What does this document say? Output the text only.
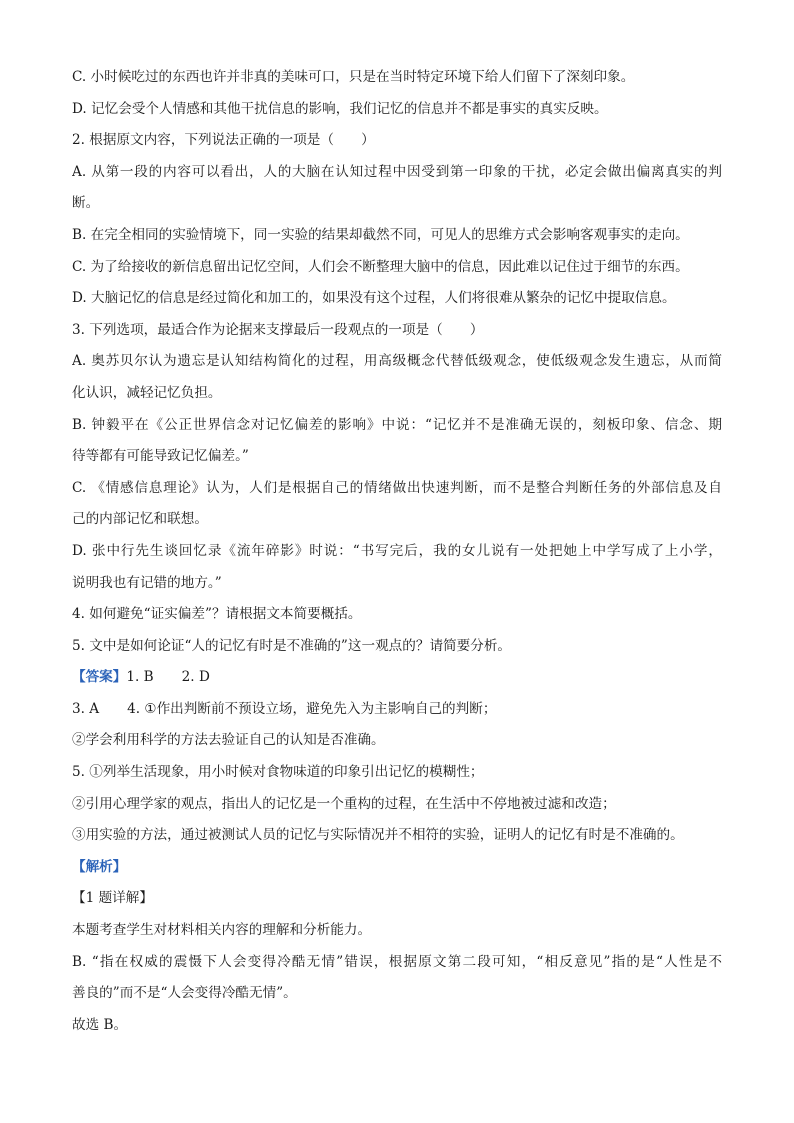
C. 小时候吃过的东西也许并非真的美味可口，只是在当时特定环境下给人们留下了深刻印象。
D. 记忆会受个人情感和其他干扰信息的影响，我们记忆的信息并不都是事实的真实反映。
2. 根据原文内容，下列说法正确的一项是（　　）
A. 从第一段的内容可以看出，人的大脑在认知过程中因受到第一印象的干扰，必定会做出偏离真实的判
断。
B. 在完全相同的实验情境下，同一实验的结果却截然不同，可见人的思维方式会影响客观事实的走向。
C. 为了给接收的新信息留出记忆空间，人们会不断整理大脑中的信息，因此难以记住过于细节的东西。
D. 大脑记忆的信息是经过简化和加工的，如果没有这个过程，人们将很难从繁杂的记忆中提取信息。
3. 下列选项，最适合作为论据来支撑最后一段观点的一项是（　　）
A. 奥苏贝尔认为遗忘是认知结构简化的过程，用高级概念代替低级观念，使低级观念发生遗忘，从而简
化认识，减轻记忆负担。
B. 钟毅平在《公正世界信念对记忆偏差的影响》中说：“记忆并不是准确无误的，刻板印象、信念、期
待等都有可能导致记忆偏差。”
C. 《情感信息理论》认为，人们是根据自己的情绪做出快速判断，而不是整合判断任务的外部信息及自
己的内部记忆和联想。
D. 张中行先生谈回忆录《流年碎影》时说：“书写完后，我的女儿说有一处把她上中学写成了上小学，
说明我也有记错的地方。”
4. 如何避免“证实偏差”？请根据文本简要概括。
5. 文中是如何论证“人的记忆有时是不准确的”这一观点的？请简要分析。
【答案】1. B 2. D
3. A 4. ①作出判断前不预设立场，避免先入为主影响自己的判断；
②学会利用科学的方法去验证自己的认知是否准确。
5. ①列举生活现象，用小时候对食物味道的印象引出记忆的模糊性；
②引用心理学家的观点，指出人的记忆是一个重构的过程，在生活中不停地被过滤和改造；
③用实验的方法，通过被测试人员的记忆与实际情况并不相符的实验，证明人的记忆有时是不准确的。
【解析】
【1 题详解】
本题考查学生对材料相关内容的理解和分析能力。
B. “指在权威的震慑下人会变得冷酷无情”错误，根据原文第二段可知，“相反意见”指的是“人性是不
善良的”而不是“人会变得冷酷无情”。
故选 B。
